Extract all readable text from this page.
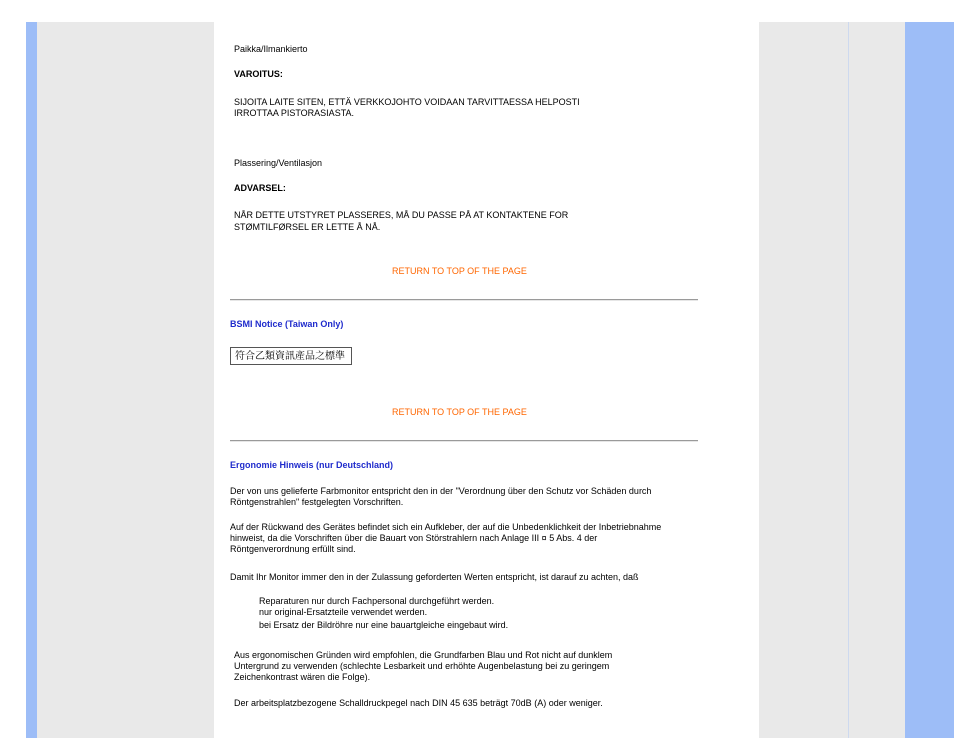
Paikka/Ilmankierto

VAROITUS:

SIJOITA LAITE SITEN, ETTÄ VERKKOJOHTO VOIDAAN TARVITTAESSA HELPOSTI

IRROTTAA PISTORASIASTA.

Plassering/Ventilasjon

ADVARSEL:

NÅR DETTE UTSTYRET PLASSERES, MÅ DU PASSE PÅ AT KONTAKTENE FOR

STØMTILFØRSEL ER LETTE Å NÅ.

RETURN TO TOP OF THE PAGE

BSMI Notice (Taiwan Only)

符合乙類資訊產品之標準
RETURN TO TOP OF THE PAGE

Ergonomie Hinweis (nur Deutschland)

Der von uns gelieferte Farbmonitor entspricht den in der "Verordnung über den Schutz vor Schäden durch

Röntgenstrahlen" festgelegten Vorschriften.

Auf der Rückwand des Gerätes befindet sich ein Aufkleber, der auf die Unbedenklichkeit der Inbetriebnahme

hinweist, da die Vorschriften über die Bauart von Störstrahlern nach Anlage III ¤ 5 Abs. 4 der

Röntgenverordnung erfüllt sind.

Damit Ihr Monitor immer den in der Zulassung geforderten Werten entspricht, ist darauf zu achten, daß

Reparaturen nur durch Fachpersonal durchgeführt werden.

nur original-Ersatzteile verwendet werden.

bei Ersatz der Bildröhre nur eine bauartgleiche eingebaut wird.

Aus ergonomischen Gründen wird empfohlen, die Grundfarben Blau und Rot nicht auf dunklem

Untergrund zu verwenden (schlechte Lesbarkeit und erhöhte Augenbelastung bei zu geringem

Zeichenkontrast wären die Folge).

Der arbeitsplatzbezogene Schalldruckpegel nach DIN 45 635 beträgt 70dB (A) oder weniger.
